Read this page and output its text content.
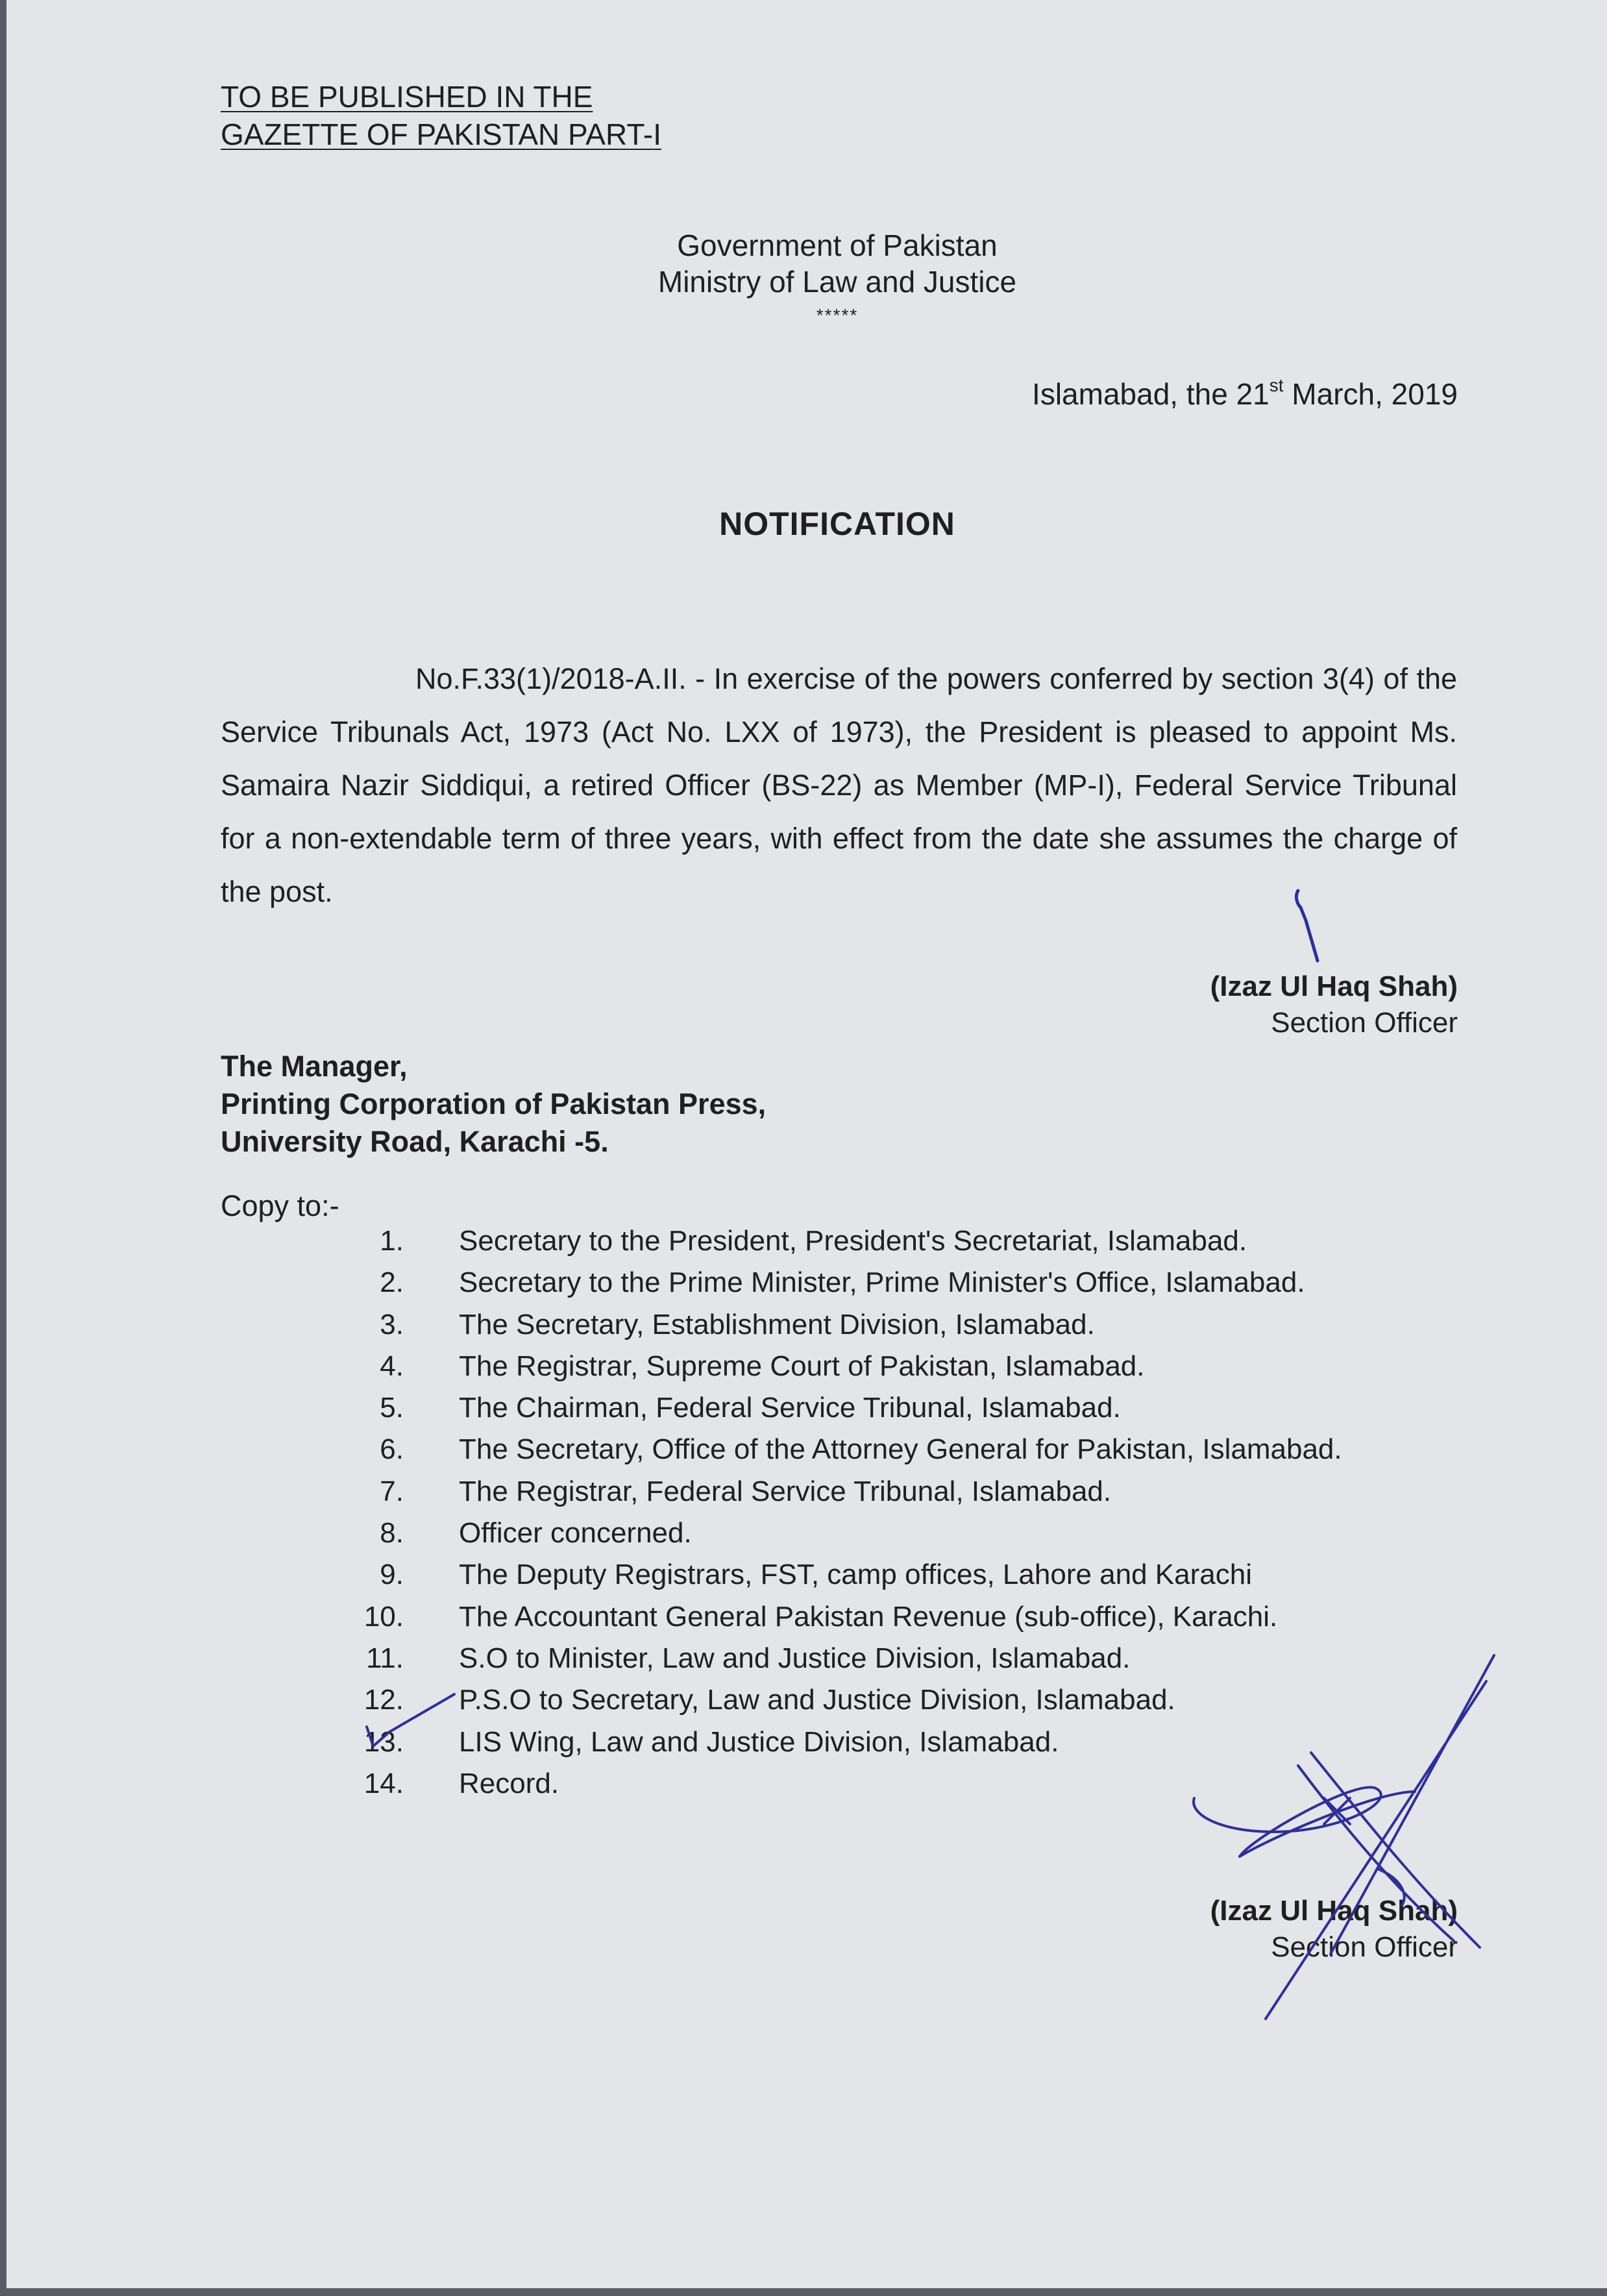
TO BE PUBLISHED IN THE
GAZETTE OF PAKISTAN PART-I
Government of Pakistan
Ministry of Law and Justice
*****
Islamabad, the 21st March, 2019
NOTIFICATION

No.F.33(1)/2018-A.II. - In exercise of the powers conferred by section 3(4) of the Service Tribunals Act, 1973 (Act No. LXX of 1973), the President is pleased to appoint Ms. Samaira Nazir Siddiqui, a retired Officer (BS-22) as Member (MP-I), Federal Service Tribunal for a non-extendable term of three years, with effect from the date she assumes the charge of the post.

(Izaz Ul Haq Shah)
Section Officer
The Manager,
Printing Corporation of Pakistan Press,
University Road, Karachi -5.
Copy to:-
1. Secretary to the President, President's Secretariat, Islamabad.
2. Secretary to the Prime Minister, Prime Minister's Office, Islamabad.
3. The Secretary, Establishment Division, Islamabad.
4. The Registrar, Supreme Court of Pakistan, Islamabad.
5. The Chairman, Federal Service Tribunal, Islamabad.
6. The Secretary, Office of the Attorney General for Pakistan, Islamabad.
7. The Registrar, Federal Service Tribunal, Islamabad.
8. Officer concerned.
9. The Deputy Registrars, FST, camp offices, Lahore and Karachi
10. The Accountant General Pakistan Revenue (sub-office), Karachi.
11. S.O to Minister, Law and Justice Division, Islamabad.
12. P.S.O to Secretary, Law and Justice Division, Islamabad.
13. LIS Wing, Law and Justice Division, Islamabad.
14. Record.
(Izaz Ul Haq Shah)
Section Officer
